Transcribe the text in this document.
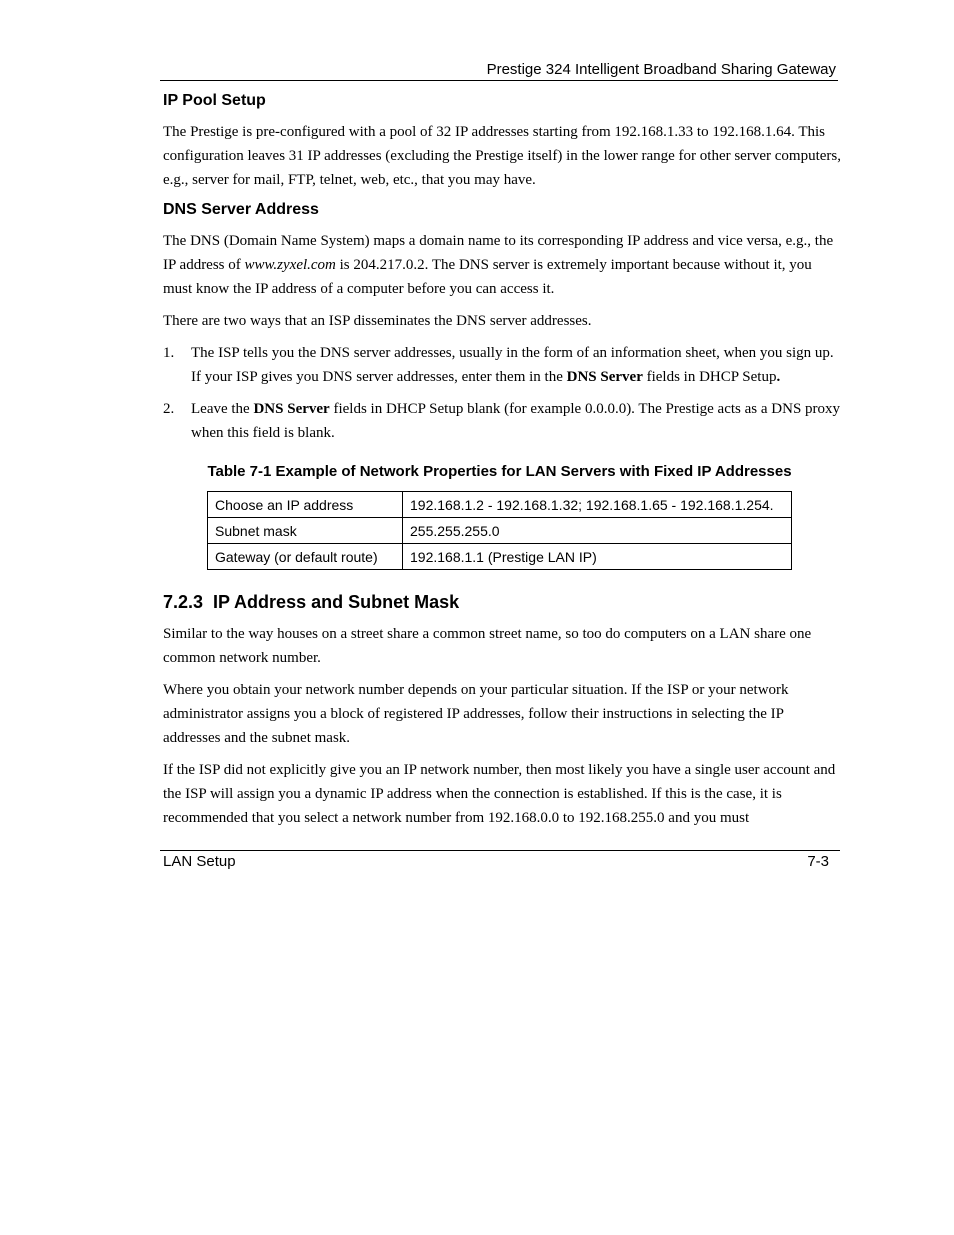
Prestige 324 Intelligent Broadband Sharing Gateway
IP Pool Setup

The Prestige is pre-configured with a pool of 32 IP addresses starting from 192.168.1.33 to 192.168.1.64. This configuration leaves 31 IP addresses (excluding the Prestige itself) in the lower range for other server computers, e.g., server for mail, FTP, telnet, web, etc., that you may have.

DNS Server Address

The DNS (Domain Name System) maps a domain name to its corresponding IP address and vice versa, e.g., the IP address of www.zyxel.com is 204.217.0.2. The DNS server is extremely important because without it, you must know the IP address of a computer before you can access it.

There are two ways that an ISP disseminates the DNS server addresses.

1. The ISP tells you the DNS server addresses, usually in the form of an information sheet, when you sign up. If your ISP gives you DNS server addresses, enter them in the DNS Server fields in DHCP Setup.
2. Leave the DNS Server fields in DHCP Setup blank (for example 0.0.0.0). The Prestige acts as a DNS proxy when this field is blank.
Table 7-1 Example of Network Properties for LAN Servers with Fixed IP Addresses
Choose an IP address	192.168.1.2 - 192.168.1.32; 192.168.1.65 - 192.168.1.254.
Subnet mask	255.255.255.0
Gateway (or default route)	192.168.1.1 (Prestige LAN IP)
7.2.3 IP Address and Subnet Mask

Similar to the way houses on a street share a common street name, so too do computers on a LAN share one common network number.

Where you obtain your network number depends on your particular situation. If the ISP or your network administrator assigns you a block of registered IP addresses, follow their instructions in selecting the IP addresses and the subnet mask.

If the ISP did not explicitly give you an IP network number, then most likely you have a single user account and the ISP will assign you a dynamic IP address when the connection is established. If this is the case, it is recommended that you select a network number from 192.168.0.0 to 192.168.255.0 and you must

LAN Setup	7-3
